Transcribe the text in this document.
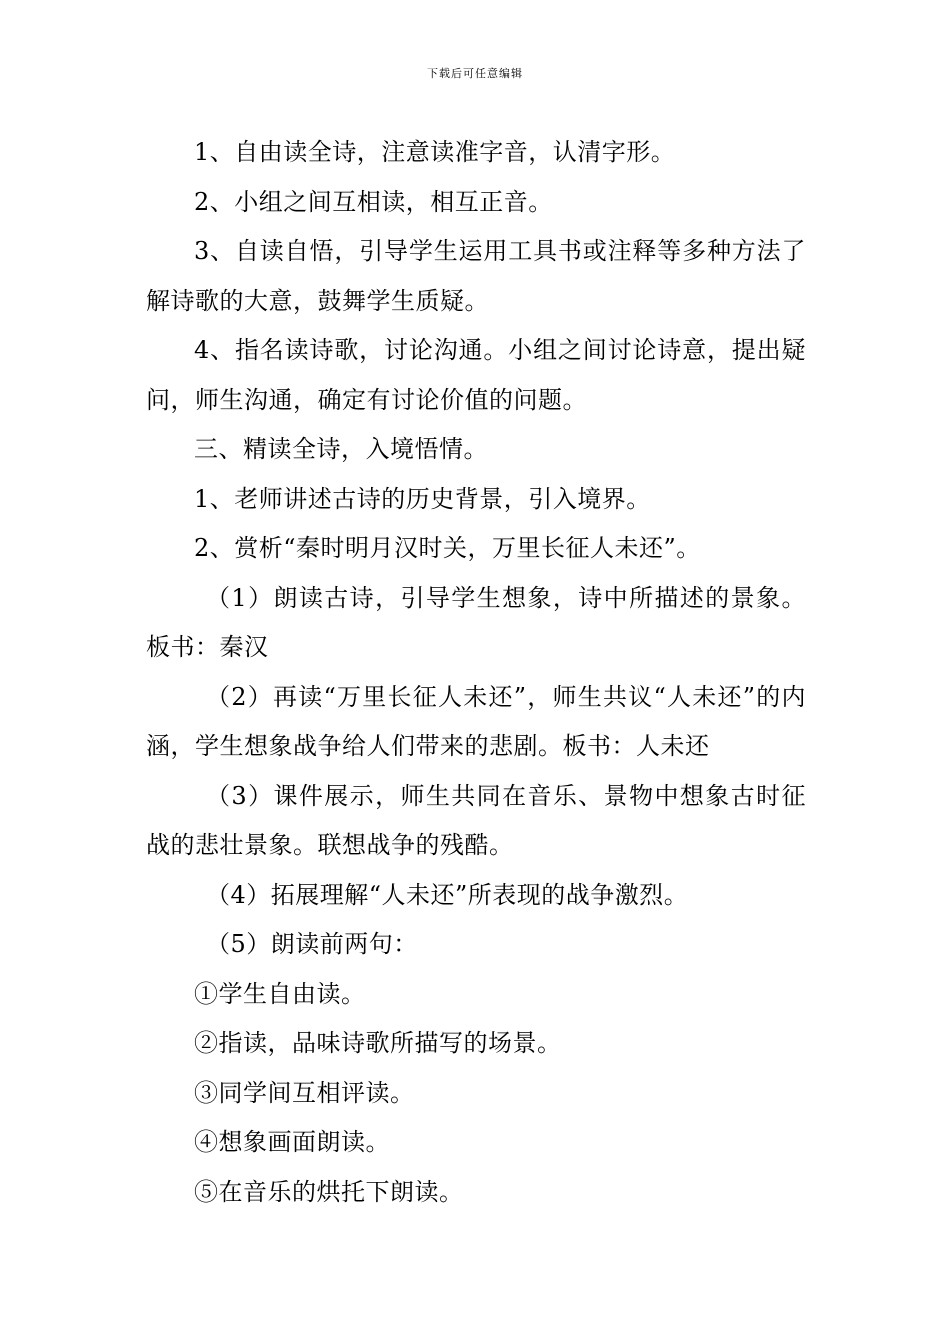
下载后可任意编辑

1、自由读全诗，注意读准字音，认清字形。

2、小组之间互相读，相互正音。

3、自读自悟，引导学生运用工具书或注释等多种方法了解诗歌的大意，鼓舞学生质疑。

4、指名读诗歌，讨论沟通。小组之间讨论诗意，提出疑问，师生沟通，确定有讨论价值的问题。

三、精读全诗，入境悟情。

1、老师讲述古诗的历史背景，引入境界。

2、赏析“秦时明月汉时关，万里长征人未还”。

（1）朗读古诗，引导学生想象，诗中所描述的景象。板书：秦汉

（2）再读“万里长征人未还”，师生共议“人未还”的内涵，学生想象战争给人们带来的悲剧。板书：人未还

（3）课件展示，师生共同在音乐、景物中想象古时征战的悲壮景象。联想战争的残酷。

（4）拓展理解“人未还”所表现的战争激烈。

（5）朗读前两句：

①学生自由读。

②指读，品味诗歌所描写的场景。

③同学间互相评读。

④想象画面朗读。

⑤在音乐的烘托下朗读。
